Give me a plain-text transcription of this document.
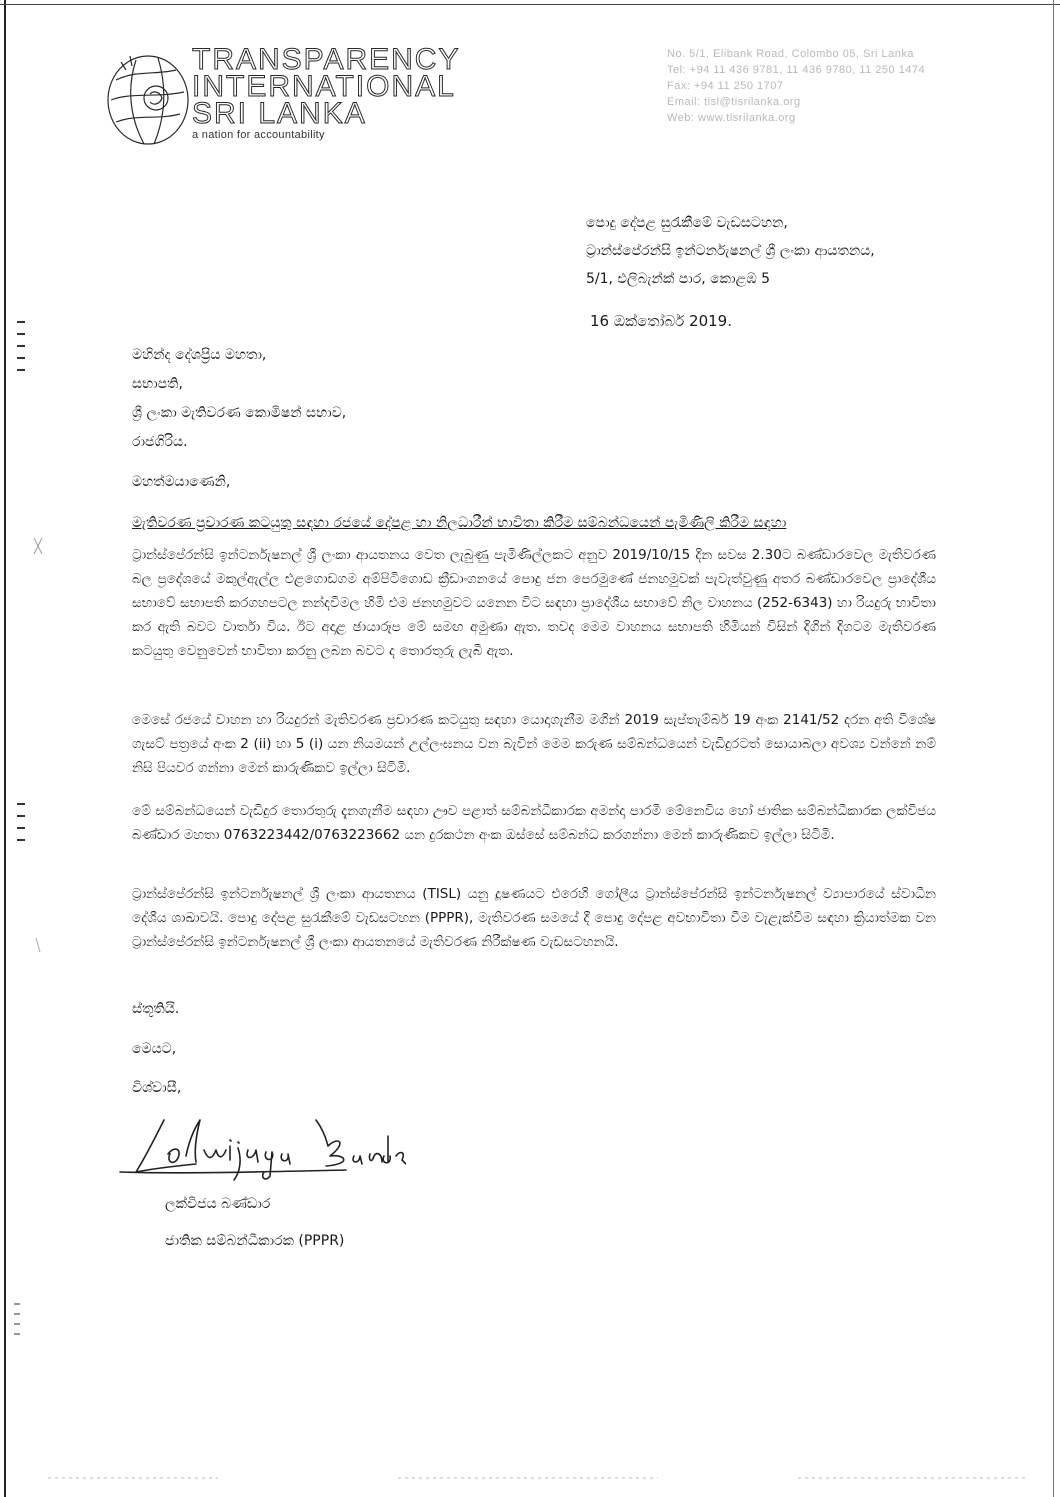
TRANSPARENCY
INTERNATIONAL
SRI LANKA
a nation for accountability
No. 5/1, Elibank Road, Colombo 05, Sri Lanka
Tel: +94 11 436 9781, 11 436 9780, 11 250 1474
Fax: +94 11 250 1707
Email: tisl@tisrilanka.org
Web: www.tisrilanka.org
පොදු දේපළ සුරැකීමේ වැඩසටහන,
ට්‍රාන්ස්පේරන්සි ඉන්ටර්නැෂනල් ශ්‍රී ලංකා ආයතනය,
5/1, එලිබැන්ක් පාර, කොළඹ 5
16 ඔක්තෝබර් 2019.
මහින්ද දේශප්‍රිය මහතා,
සභාපති,
ශ්‍රී ලංකා මැතිවරණ කොමිෂන් සභාව,
රාජගිරිය.
මහත්මයාණෙනි,
මැතිවරණ ප්‍රචාරණ කටයුතු සඳහා රජයේ දේපළ හා නිලධාරීන් භාවිතා කිරීම සම්බන්ධයෙන් පැමිණිලි කිරීම සඳහා
ට්‍රාන්ස්පේරන්සි ඉන්ටර්නැෂනල් ශ්‍රී ලංකා ආයතනය වෙත ලැබුණු පැමිණිල්ලකට අනුව 2019/10/15 දින සවස 2.30ට බණ්ඩාරවෙල මැතිවරණ බල ප්‍රදේශයේ මකුල්ඇල්ල එළගොඩගම අම්පිටිගොඩ ක්‍රීඩාංගනයේ පොදු ජන පෙරමුණේ ජනහමුවක් පැවැත්වුණු අතර බණ්ඩාරවෙල ප්‍රාදේශීය සභාවේ සභාපති කරගහපටල නන්දවීමල හිමි එම ජනහමුවට යනෙන විට සඳහා ප්‍රාදේශීය සභාවේ නිල වාහනය (252-6343) හා රියදුරු භාවිතා කර ඇති බවට වාර්තා විය. ඊට අදාළ ඡායාරූප මේ සමඟ අමුණා ඇත. තවද මෙම වාහනය සභාපති හිමියන් විසින් දිගින් දිගටම මැතිවරණ කටයුතු වෙනුවෙන් භාවිතා කරනු ලබන බවට ද තොරතුරු ලැබී ඇත.
මෙසේ රජයේ වාහන හා රියදුරන් මැතිවරණ ප්‍රචාරණ කටයුතු සඳහා යොදාගැනීම මගින් 2019 සැප්තැම්බර් 19 අංක 2141/52 දරන අති විශේෂ ගැසට් පත්‍රයේ අංක 2 (ii) හා 5 (i) යන නියමයන් උල්ලංඝනය වන බැවින් මෙම කරුණ සම්බන්ධයෙන් වැඩිදුරටත් සොයාබලා අවශ්‍ය වන්නේ නම් නිසි පියවර ගන්නා මෙන් කාරුණිකව ඉල්ලා සිටිමි.
මේ සම්බන්ධයෙන් වැඩිදුර තොරතුරු දැනගැනීම සඳහා ඌව පළාත් සම්බන්ධීකාරක අමන්දා පාරමී මේනෙවිය හෝ ජාතික සම්බන්ධීකාරක ලක්විජය බණ්ඩාර මහතා 0763223442/0763223662 යන දුරකථන අංක ඔස්සේ සම්බන්ධ කරගන්නා මෙන් කාරුණිකව ඉල්ලා සිටිමි.
ට්‍රාන්ස්පේරන්සි ඉන්ටර්නැෂනල් ශ්‍රී ලංකා ආයතනය (TISL) යනු දූෂණයට එරෙහි ගෝලීය ට්‍රාන්ස්පේරන්සි ඉන්ටර්නැෂනල් ව්‍යාපාරයේ ස්වාධීන දේශීය ශාඛාවයි. පොදු දේපළ සුරැකීමේ වැඩසටහන (PPPR), මැතිවරණ සමයේ දී පොදු දේපළ අවභාවිතා වීම වැළැක්වීම සඳහා ක්‍රියාත්මක වන ට්‍රාන්ස්පේරන්සි ඉන්ටර්නැෂනල් ශ්‍රී ලංකා ආයතනයේ මැතිවරණ නිරීක්ෂණ වැඩසටහනයි.
ස්තූතියි.
මෙයට,
විශ්වාසී,
ලක්විජය බණ්ඩාර
ජාතික සම්බන්ධීකාරක (PPPR)
